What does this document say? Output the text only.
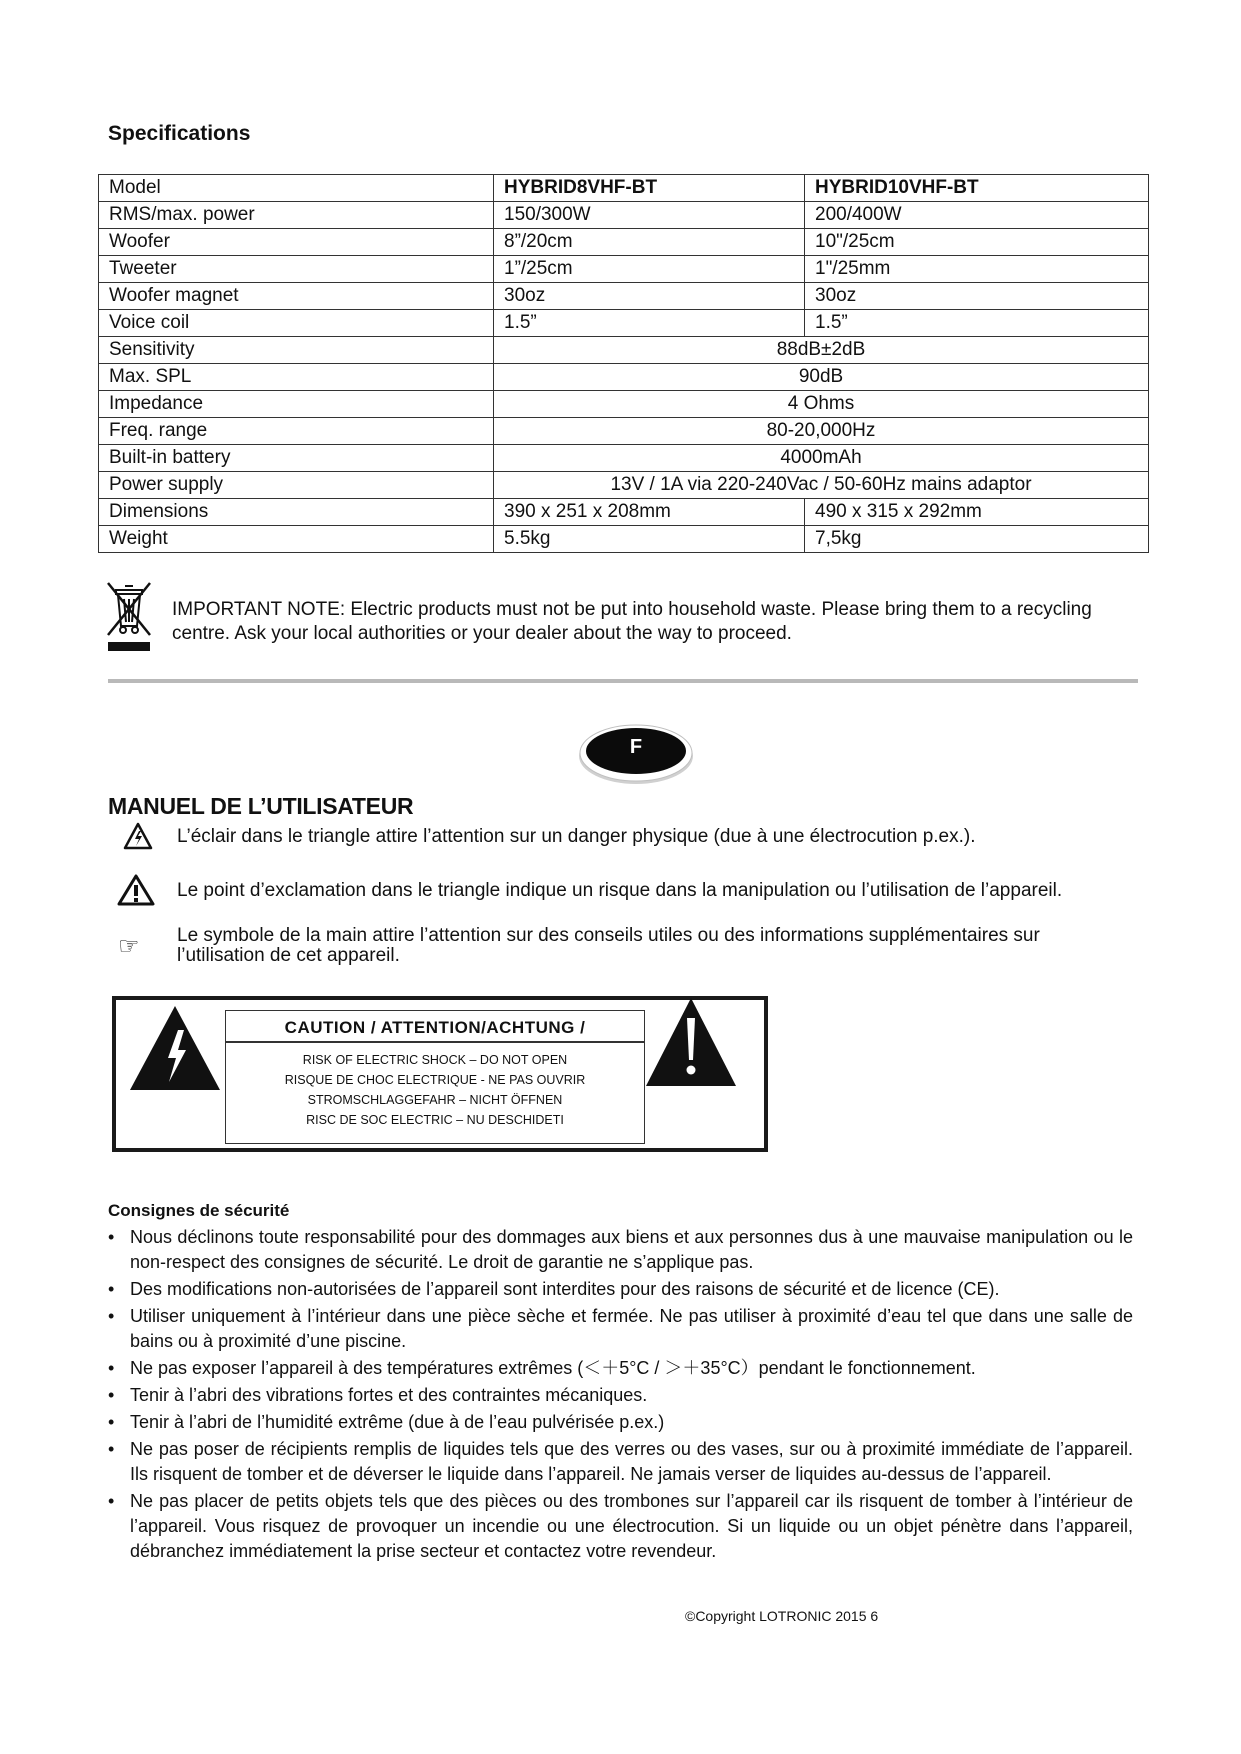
Specifications
Model	HYBRID8VHF-BT	HYBRID10VHF-BT
RMS/max. power	150/300W	200/400W
Woofer	8”/20cm	10"/25cm
Tweeter	1”/25cm	1"/25mm
Woofer magnet	30oz	30oz
Voice coil	1.5”	1.5”
Sensitivity	88dB±2dB	
Max. SPL	90dB	
Impedance	4 Ohms	
Freq. range	80-20,000Hz	
Built-in battery	4000mAh	
Power supply	13V / 1A via 220-240Vac / 50-60Hz mains adaptor	
Dimensions	390 x 251 x 208mm	490 x 315 x 292mm
Weight	5.5kg	7,5kg
IMPORTANT NOTE: Electric products must not be put into household waste. Please bring them to a recycling centre. Ask your local authorities or your dealer about the way to proceed.
F
MANUEL DE L’UTILISATEUR
L’éclair dans le triangle attire l’attention sur un danger physique (due à une électrocution p.ex.).
Le point d’exclamation dans le triangle indique un risque dans la manipulation ou l’utilisation de l’appareil.
☞ Le symbole de la main attire l’attention sur des conseils utiles ou des informations supplémentaires sur l’utilisation de cet appareil.
CAUTION / ATTENTION/ACHTUNG /
RISK OF ELECTRIC SHOCK – DO NOT OPEN
RISQUE DE CHOC ELECTRIQUE - NE PAS OUVRIR
STROMSCHLAGGEFAHR – NICHT ÖFFNEN
RISC DE SOC ELECTRIC – NU DESCHIDETI
Consignes de sécurité
• Nous déclinons toute responsabilité pour des dommages aux biens et aux personnes dus à une mauvaise manipulation ou le non-respect des consignes de sécurité. Le droit de garantie ne s’applique pas.
• Des modifications non-autorisées de l’appareil sont interdites pour des raisons de sécurité et de licence (CE).
• Utiliser uniquement à l’intérieur dans une pièce sèche et fermée. Ne pas utiliser à proximité d’eau tel que dans une salle de bains ou à proximité d’une piscine.
• Ne pas exposer l’appareil à des températures extrêmes (＜＋5°C / ＞＋35°C）pendant le fonctionnement.
• Tenir à l’abri des vibrations fortes et des contraintes mécaniques.
• Tenir à l’abri de l’humidité extrême (due à de l’eau pulvérisée p.ex.)
• Ne pas poser de récipients remplis de liquides tels que des verres ou des vases, sur ou à proximité immédiate de l’appareil. Ils risquent de tomber et de déverser le liquide dans l’appareil. Ne jamais verser de liquides au-dessus de l’appareil.
• Ne pas placer de petits objets tels que des pièces ou des trombones sur l’appareil car ils risquent de tomber à l’intérieur de l’appareil. Vous risquez de provoquer un incendie ou une électrocution. Si un liquide ou un objet pénètre dans l’appareil, débranchez immédiatement la prise secteur et contactez votre revendeur.
©Copyright LOTRONIC 2015 6
